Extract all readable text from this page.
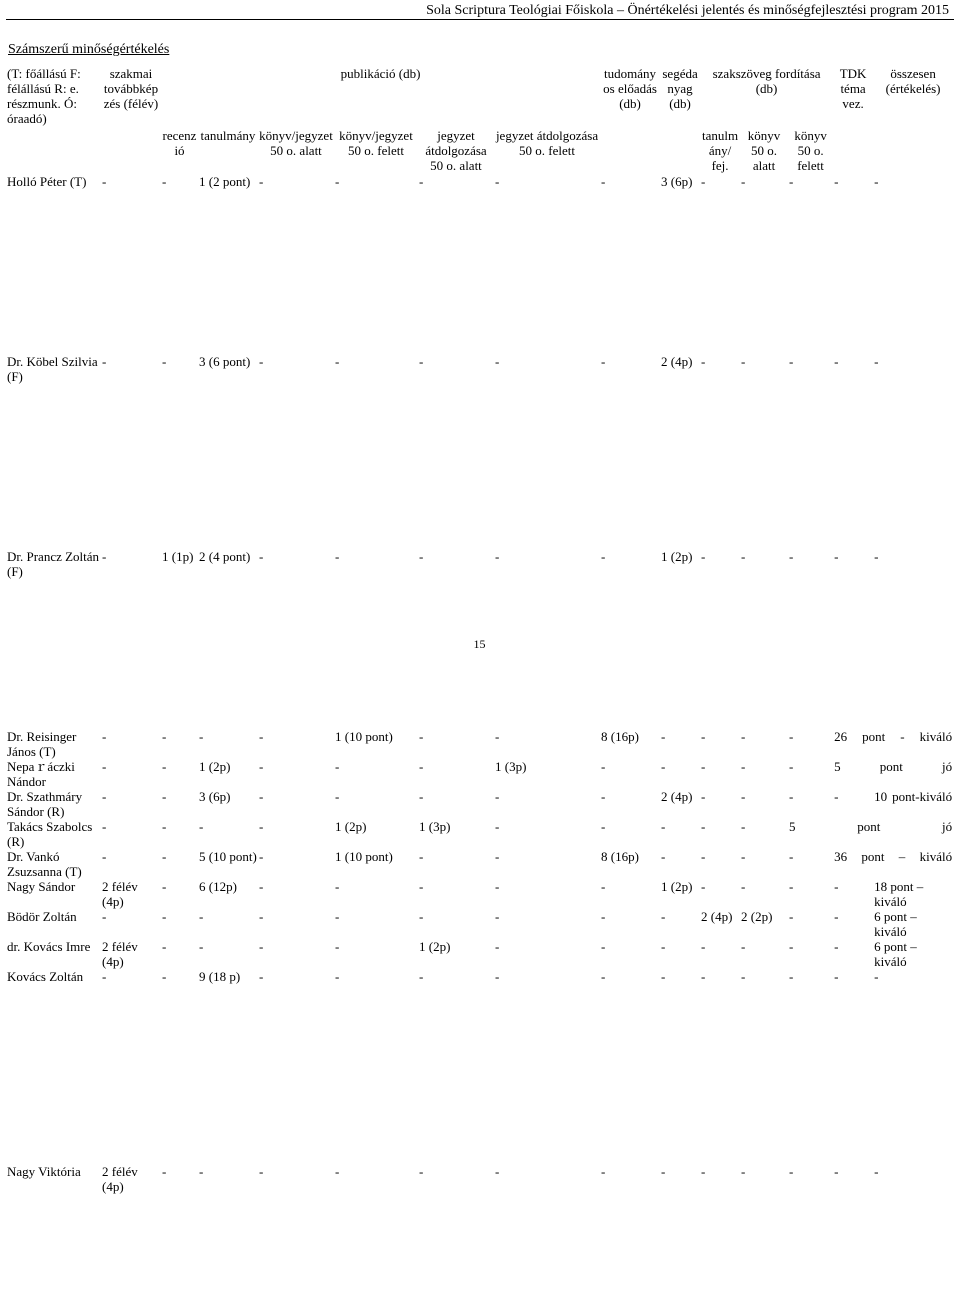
Sola Scriptura Teológiai Főiskola – Önértékelési jelentés és minőségfejlesztési program 2015
Számszerű minőségértékelés
(T: főállású F: félállású R: e. részmunk. Ó: óraadó)	szakmai továbbképzés (félév)	publikáció (db)						tudományos előadás (db)	segédanyag (db)	szakszöveg fordítása (db)			TDK téma vez.	összesen (értékelés)	
		recenzió	tanulmány	könyv/jegyzet 50 o. alatt	könyv/jegyzet 50 o. felett	jegyzet átdolgozása 50 o. alatt	jegyzet átdolgozása 50 o. felett			tanulmány/ fej.	könyv 50 o. alatt	könyv 50 o. felett			
Holló Péter (T)	-	-	1 (2 pont)	-	-	-	-	-	3 (6p)	-	-	-	-	-	
Dr. Köbel Szilvia (F)	-	-	3 (6 pont)	-	-	-	-	-	2 (4p)	-	-	-	-	-	
Dr. Prancz Zoltán (F)	-	1 (1p)	2 (4 pont)	-	-	-	-	-	1 (2p)	-	-	-	-	-	
Dr. Reisinger János (T)	-	-	-	-	1 (10 pont)	-	-	8 (16p)	-	-	-	-	26 pont - kiváló		
Nepaｒáczki Nándor	-	-	1 (2p)	-	-	-	1 (3p)	-	-	-	-	-	5 pont jó		
Dr. Szathmáry Sándor (R)	-	-	3 (6p)	-	-	-	-	-	2 (4p)	-	-	-	-	10 pont-kiváló	
Takács Szabolcs (R)	-	-	-	-	1 (2p)	1 (3p)	-	-	-	-	-	5 pont jó			
Dr. Vankó Zsuzsanna (T)	-	-	5 (10 pont)	-	1 (10 pont)	-	-	8 (16p)	-	-	-	-	36 pont – kiváló		
Nagy Sándor	2 félév (4p)	-	6 (12p)	-	-	-	-	-	1 (2p)	-	-	-	-	18 pont – kiváló	
Bödör Zoltán	-	-	-	-	-	-	-	-	-	2 (4p)	2 (2p)	-	-	6 pont – kiváló	
dr. Kovács Imre	2 félév (4p)	-	-	-	-	1 (2p)	-	-	-	-	-	-	-	6 pont – kiváló	
Kovács Zoltán	-	-	9 (18 p)	-	-	-	-	-	-	-	-	-	-	-	
Nagy Viktória	2 félév (4p)	-	-	-	-	-	-	-	-	-	-	-	-	-	
15
